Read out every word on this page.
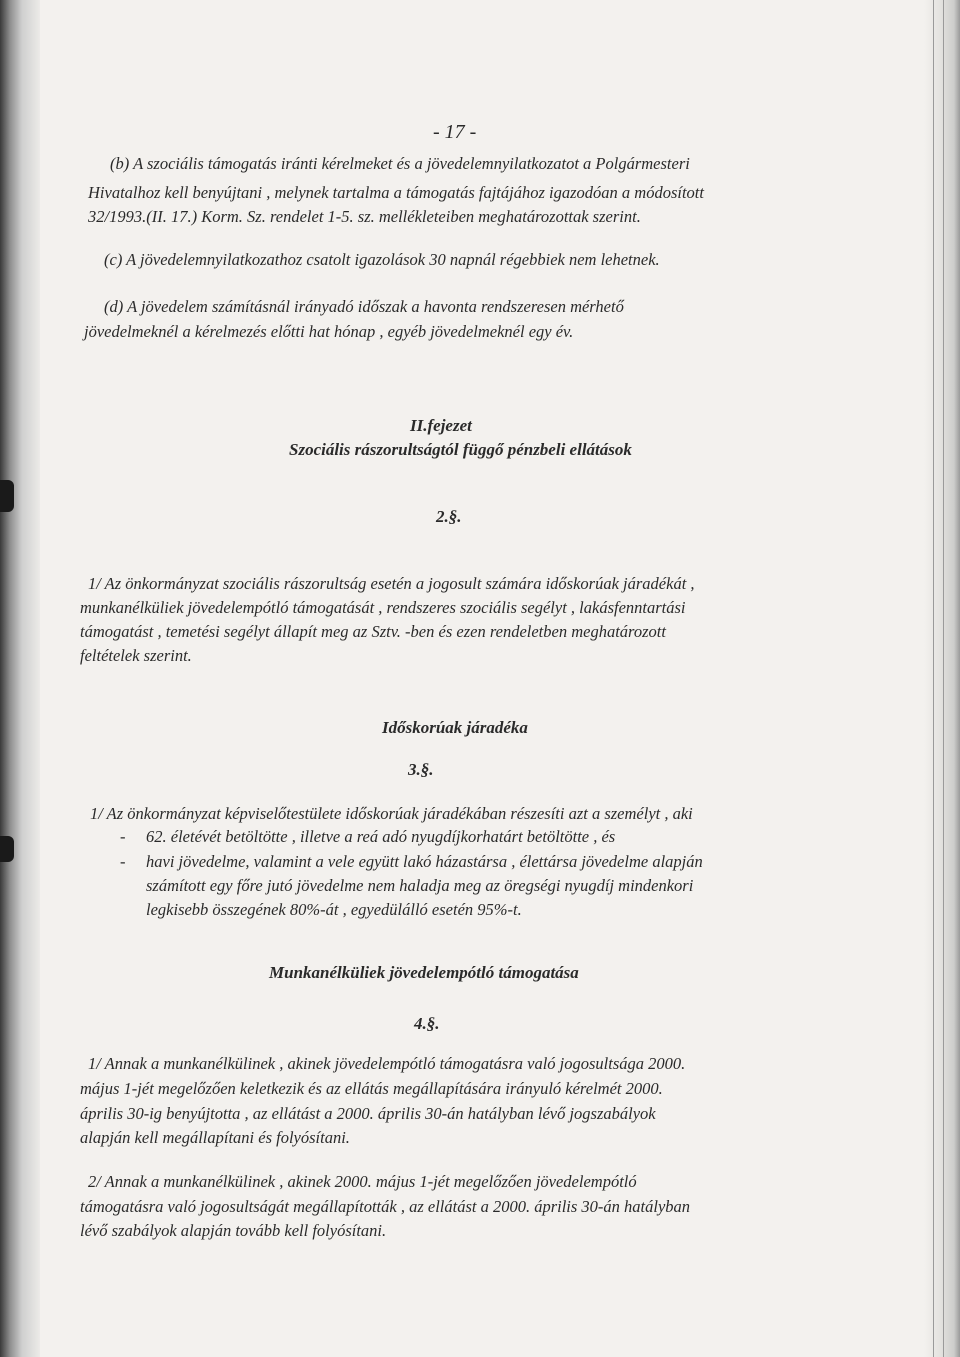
- 17 -
(b) A szociális támogatás iránti kérelmeket és a jövedelemnyilatkozatot a Polgármesteri
Hivatalhoz kell benyújtani , melynek tartalma a támogatás fajtájához igazodóan a módosított
32/1993.(II. 17.) Korm. Sz. rendelet 1-5. sz. mellékleteiben meghatározottak szerint.
(c) A jövedelemnyilatkozathoz csatolt igazolások 30 napnál régebbiek nem lehetnek.
(d) A jövedelem számításnál irányadó időszak a havonta rendszeresen mérhető
jövedelmeknél a kérelmezés előtti hat hónap , egyéb jövedelmeknél egy év.
II.fejezet
Szociális rászorultságtól függő pénzbeli ellátások
2.§.
1/ Az önkormányzat szociális rászorultság esetén a jogosult számára időskorúak járadékát ,
munkanélküliek jövedelempótló támogatását , rendszeres szociális segélyt , lakásfenntartási
támogatást , temetési segélyt állapít meg az Sztv. -ben és ezen rendeletben meghatározott
feltételek szerint.
Időskorúak járadéka
3.§.
1/ Az önkormányzat képviselőtestülete időskorúak járadékában részesíti azt a személyt , aki
- 62. életévét betöltötte , illetve a reá adó nyugdíjkorhatárt betöltötte , és
- havi jövedelme, valamint a vele együtt lakó házastársa , élettársa jövedelme alapján
számított egy főre jutó jövedelme nem haladja meg az öregségi nyugdíj mindenkori
legkisebb összegének 80%-át , egyedülálló esetén 95%-t.
Munkanélküliek jövedelempótló támogatása
4.§.
1/ Annak a munkanélkülinek , akinek jövedelempótló támogatásra való jogosultsága 2000.
május 1-jét megelőzően keletkezik és az ellátás megállapítására irányuló kérelmét 2000.
április 30-ig benyújtotta , az ellátást a 2000. április 30-án hatályban lévő jogszabályok
alapján kell megállapítani és folyósítani.
2/ Annak a munkanélkülinek , akinek 2000. május 1-jét megelőzően jövedelempótló
támogatásra való jogosultságát megállapították , az ellátást a 2000. április 30-án hatályban
lévő szabályok alapján tovább kell folyósítani.
